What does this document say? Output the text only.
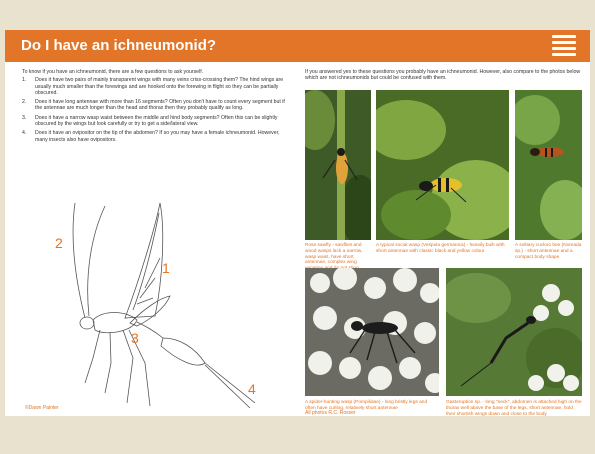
Do I have an ichneumonid?
To know if you have an ichneumonid, there are a few questions to ask yourself.
1. Does it have two pairs of mainly transparent wings with many veins criss-crossing them? The hind wings are usually much smaller than the forewings and are hooked onto the forewing in flight so they can be partially obscured.
2. Does it have long antennae with more than 16 segments? Often you don't have to count every segment but if the antennae are much longer than the head and thorax then they probably qualify as long.
3. Does it have a narrow wasp waist between the middle and hind body segments? Often this can be slightly obscured by the wings but look carefully or try to get a side/lateral view.
4. Does it have an ovipositor on the tip of the abdomen? If so you may have a female ichneumonid. However, many insects also have ovipositors.
2
1
3
4
©Dawn Painter
If you answered yes to these questions you probably have an ichneumonid. However, also compare to the photos below which are not ichneumonids but could be confused with them.
Rose sawfly - sawflies and wood wasps lack a narrow, wasp waist, have short antennae, complex wing
A typical social wasp (Vespula germanica) - heavily built with short antennae with classic black and yellow colour
A solitary cuckoo bee (Nomada sp.) - short antennae and a compact body shape
A spider-hunting wasp (Pompilidae) - long bristly legs and often have curling, relatively short antennae
Gasteruption sp. - long "neck", abdomen is attached high on the thorax well above the base of the legs, short antennae, hold their shortish wings down and close to the body
All photos R.C. Rosser
